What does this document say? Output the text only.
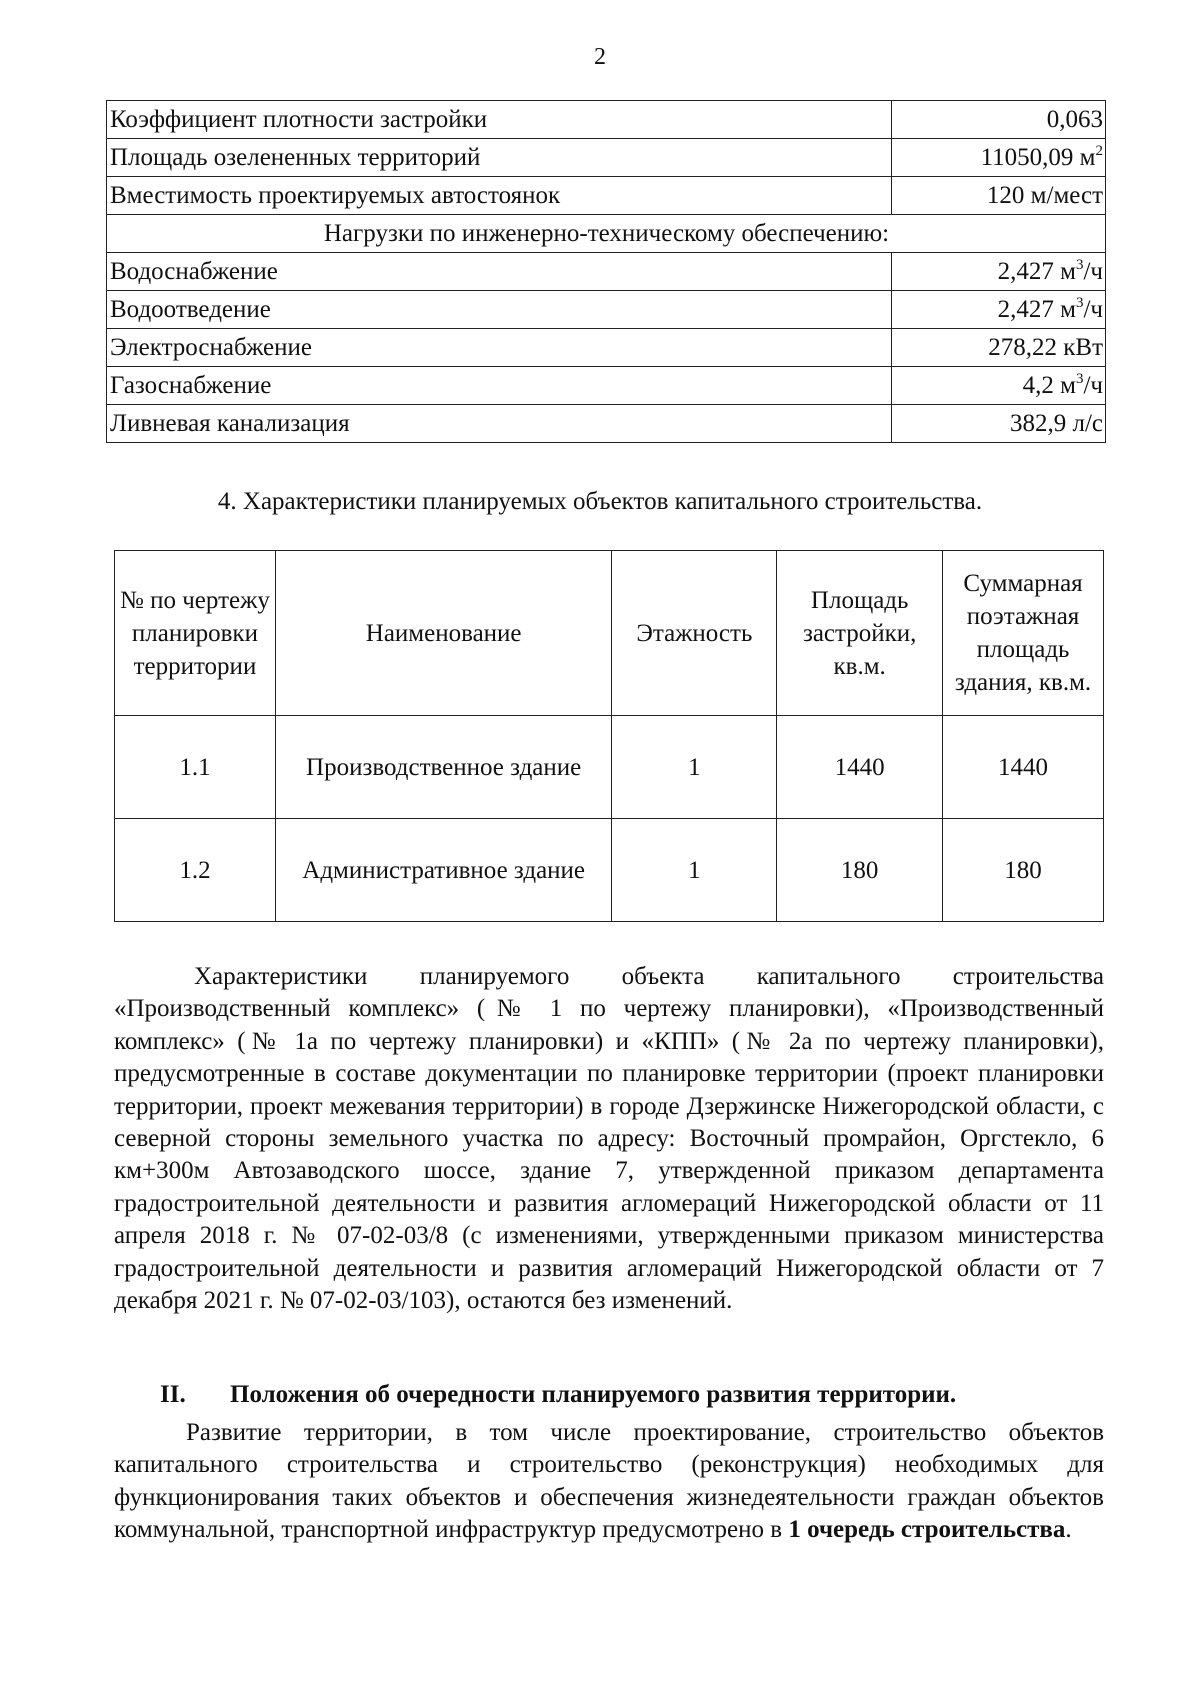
2
Коэффициент плотности застройки	0,063
Площадь озелененных территорий	11050,09 $м^2$
Вместимость проектируемых автостоянок	120 м/мест
Нагрузки по инженерно-техническому обеспечению:	
Водоснабжение	2,427 $м^3/ч$
Водоотведение	2,427 $м^3/ч$
Электроснабжение	278,22 кВт
Газоснабжение	4,2 $м^3/ч$
Ливневая канализация	382,9 л/с
4. Характеристики планируемых объектов капитального строительства.
№ по чертежу планировки территории	Наименование	Этажность	Площадь застройки, кв.м.	Суммарная поэтажная площадь здания, кв.м.
1.1	Производственное здание	1	1440	1440
1.2	Административное здание	1	180	180

Характеристики планируемого объекта капитального строительства «Производственный комплекс» (№ 1 по чертежу планировки), «Производственный комплекс» (№ 1а по чертежу планировки) и «КПП» (№ 2а по чертежу планировки), предусмотренные в составе документации по планировке территории (проект планировки территории, проект межевания территории) в городе Дзержинске Нижегородской области, с северной стороны земельного участка по адресу: Восточный промрайон, Оргстекло, 6 км+300м Автозаводского шоссе, здание 7, утвержденной приказом департамента градостроительной деятельности и развития агломераций Нижегородской области от 11 апреля 2018 г. № 07-02-03/8 (с изменениями, утвержденными приказом министерства градостроительной деятельности и развития агломераций Нижегородской области от 7 декабря 2021 г. № 07-02-03/103), остаются без изменений.

II. Положения об очередности планируемого развития территории.

Развитие территории, в том числе проектирование, строительство объектов капитального строительства и строительство (реконструкция) необходимых для функционирования таких объектов и обеспечения жизнедеятельности граждан объектов коммунальной, транспортной инфраструктур предусмотрено в 1 очередь строительства.
